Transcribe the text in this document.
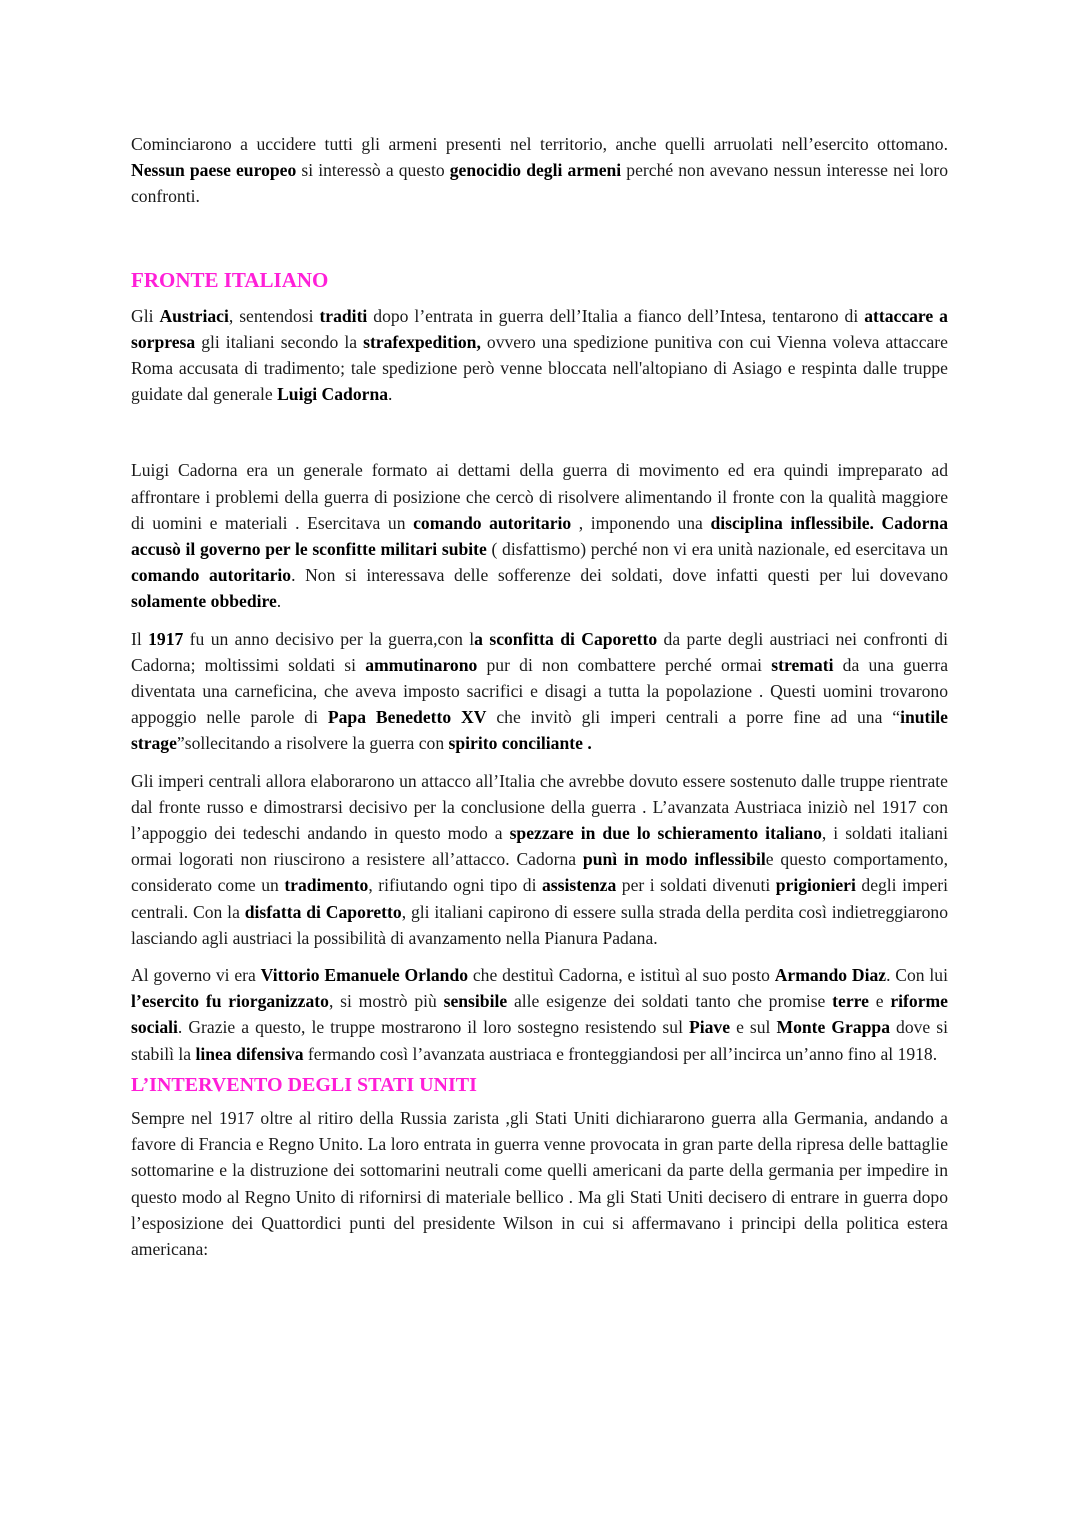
Cominciarono a uccidere tutti gli armeni presenti nel territorio, anche quelli arruolati nell’esercito ottomano. Nessun paese europeo si interessò a questo genocidio degli armeni perché non avevano nessun interesse nei loro confronti.

FRONTE ITALIANO

Gli Austriaci, sentendosi traditi dopo l’entrata in guerra dell’Italia a fianco dell’Intesa, tentarono di attaccare a sorpresa gli italiani secondo la strafexpedition, ovvero una spedizione punitiva con cui Vienna voleva attaccare Roma accusata di tradimento; tale spedizione però venne bloccata nell'altopiano di Asiago e respinta dalle truppe guidate dal generale Luigi Cadorna.

Luigi Cadorna era un generale formato ai dettami della guerra di movimento ed era quindi impreparato ad affrontare i problemi della guerra di posizione che cercò di risolvere alimentando il fronte con la qualità maggiore di uomini e materiali . Esercitava un comando autoritario , imponendo una disciplina inflessibile. Cadorna accusò il governo per le sconfitte militari subite ( disfattismo) perché non vi era unità nazionale, ed esercitava un comando autoritario. Non si interessava delle sofferenze dei soldati, dove infatti questi per lui dovevano solamente obbedire.

Il 1917 fu un anno decisivo per la guerra,con la sconfitta di Caporetto da parte degli austriaci nei confronti di Cadorna; moltissimi soldati si ammutinarono pur di non combattere perché ormai stremati da una guerra diventata una carneficina, che aveva imposto sacrifici e disagi a tutta la popolazione . Questi uomini trovarono appoggio nelle parole di Papa Benedetto XV che invitò gli imperi centrali a porre fine ad una “inutile strage”sollecitando a risolvere la guerra con spirito conciliante .

Gli imperi centrali allora elaborarono un attacco all’Italia che avrebbe dovuto essere sostenuto dalle truppe rientrate dal fronte russo e dimostrarsi decisivo per la conclusione della guerra . L’avanzata Austriaca iniziò nel 1917 con l’appoggio dei tedeschi andando in questo modo a spezzare in due lo schieramento italiano, i soldati italiani ormai logorati non riuscirono a resistere all’attacco. Cadorna punì in modo inflessibile questo comportamento, considerato come un tradimento, rifiutando ogni tipo di assistenza per i soldati divenuti prigionieri degli imperi centrali. Con la disfatta di Caporetto, gli italiani capirono di essere sulla strada della perdita così indietreggiarono lasciando agli austriaci la possibilità di avanzamento nella Pianura Padana.

Al governo vi era Vittorio Emanuele Orlando che destituì Cadorna, e istituì al suo posto Armando Diaz. Con lui l’esercito fu riorganizzato, si mostrò più sensibile alle esigenze dei soldati tanto che promise terre e riforme sociali. Grazie a questo, le truppe mostrarono il loro sostegno resistendo sul Piave e sul Monte Grappa dove si stabilì la linea difensiva fermando così l’avanzata austriaca e fronteggiandosi per all’incirca un’anno fino al 1918.

L’INTERVENTO DEGLI STATI UNITI

Sempre nel 1917 oltre al ritiro della Russia zarista ,gli Stati Uniti dichiararono guerra alla Germania, andando a favore di Francia e Regno Unito. La loro entrata in guerra venne provocata in gran parte della ripresa delle battaglie sottomarine e la distruzione dei sottomarini neutrali come quelli americani da parte della germania per impedire in questo modo al Regno Unito di rifornirsi di materiale bellico . Ma gli Stati Uniti decisero di entrare in guerra dopo l’esposizione dei Quattordici punti del presidente Wilson in cui si affermavano i principi della politica estera americana:
